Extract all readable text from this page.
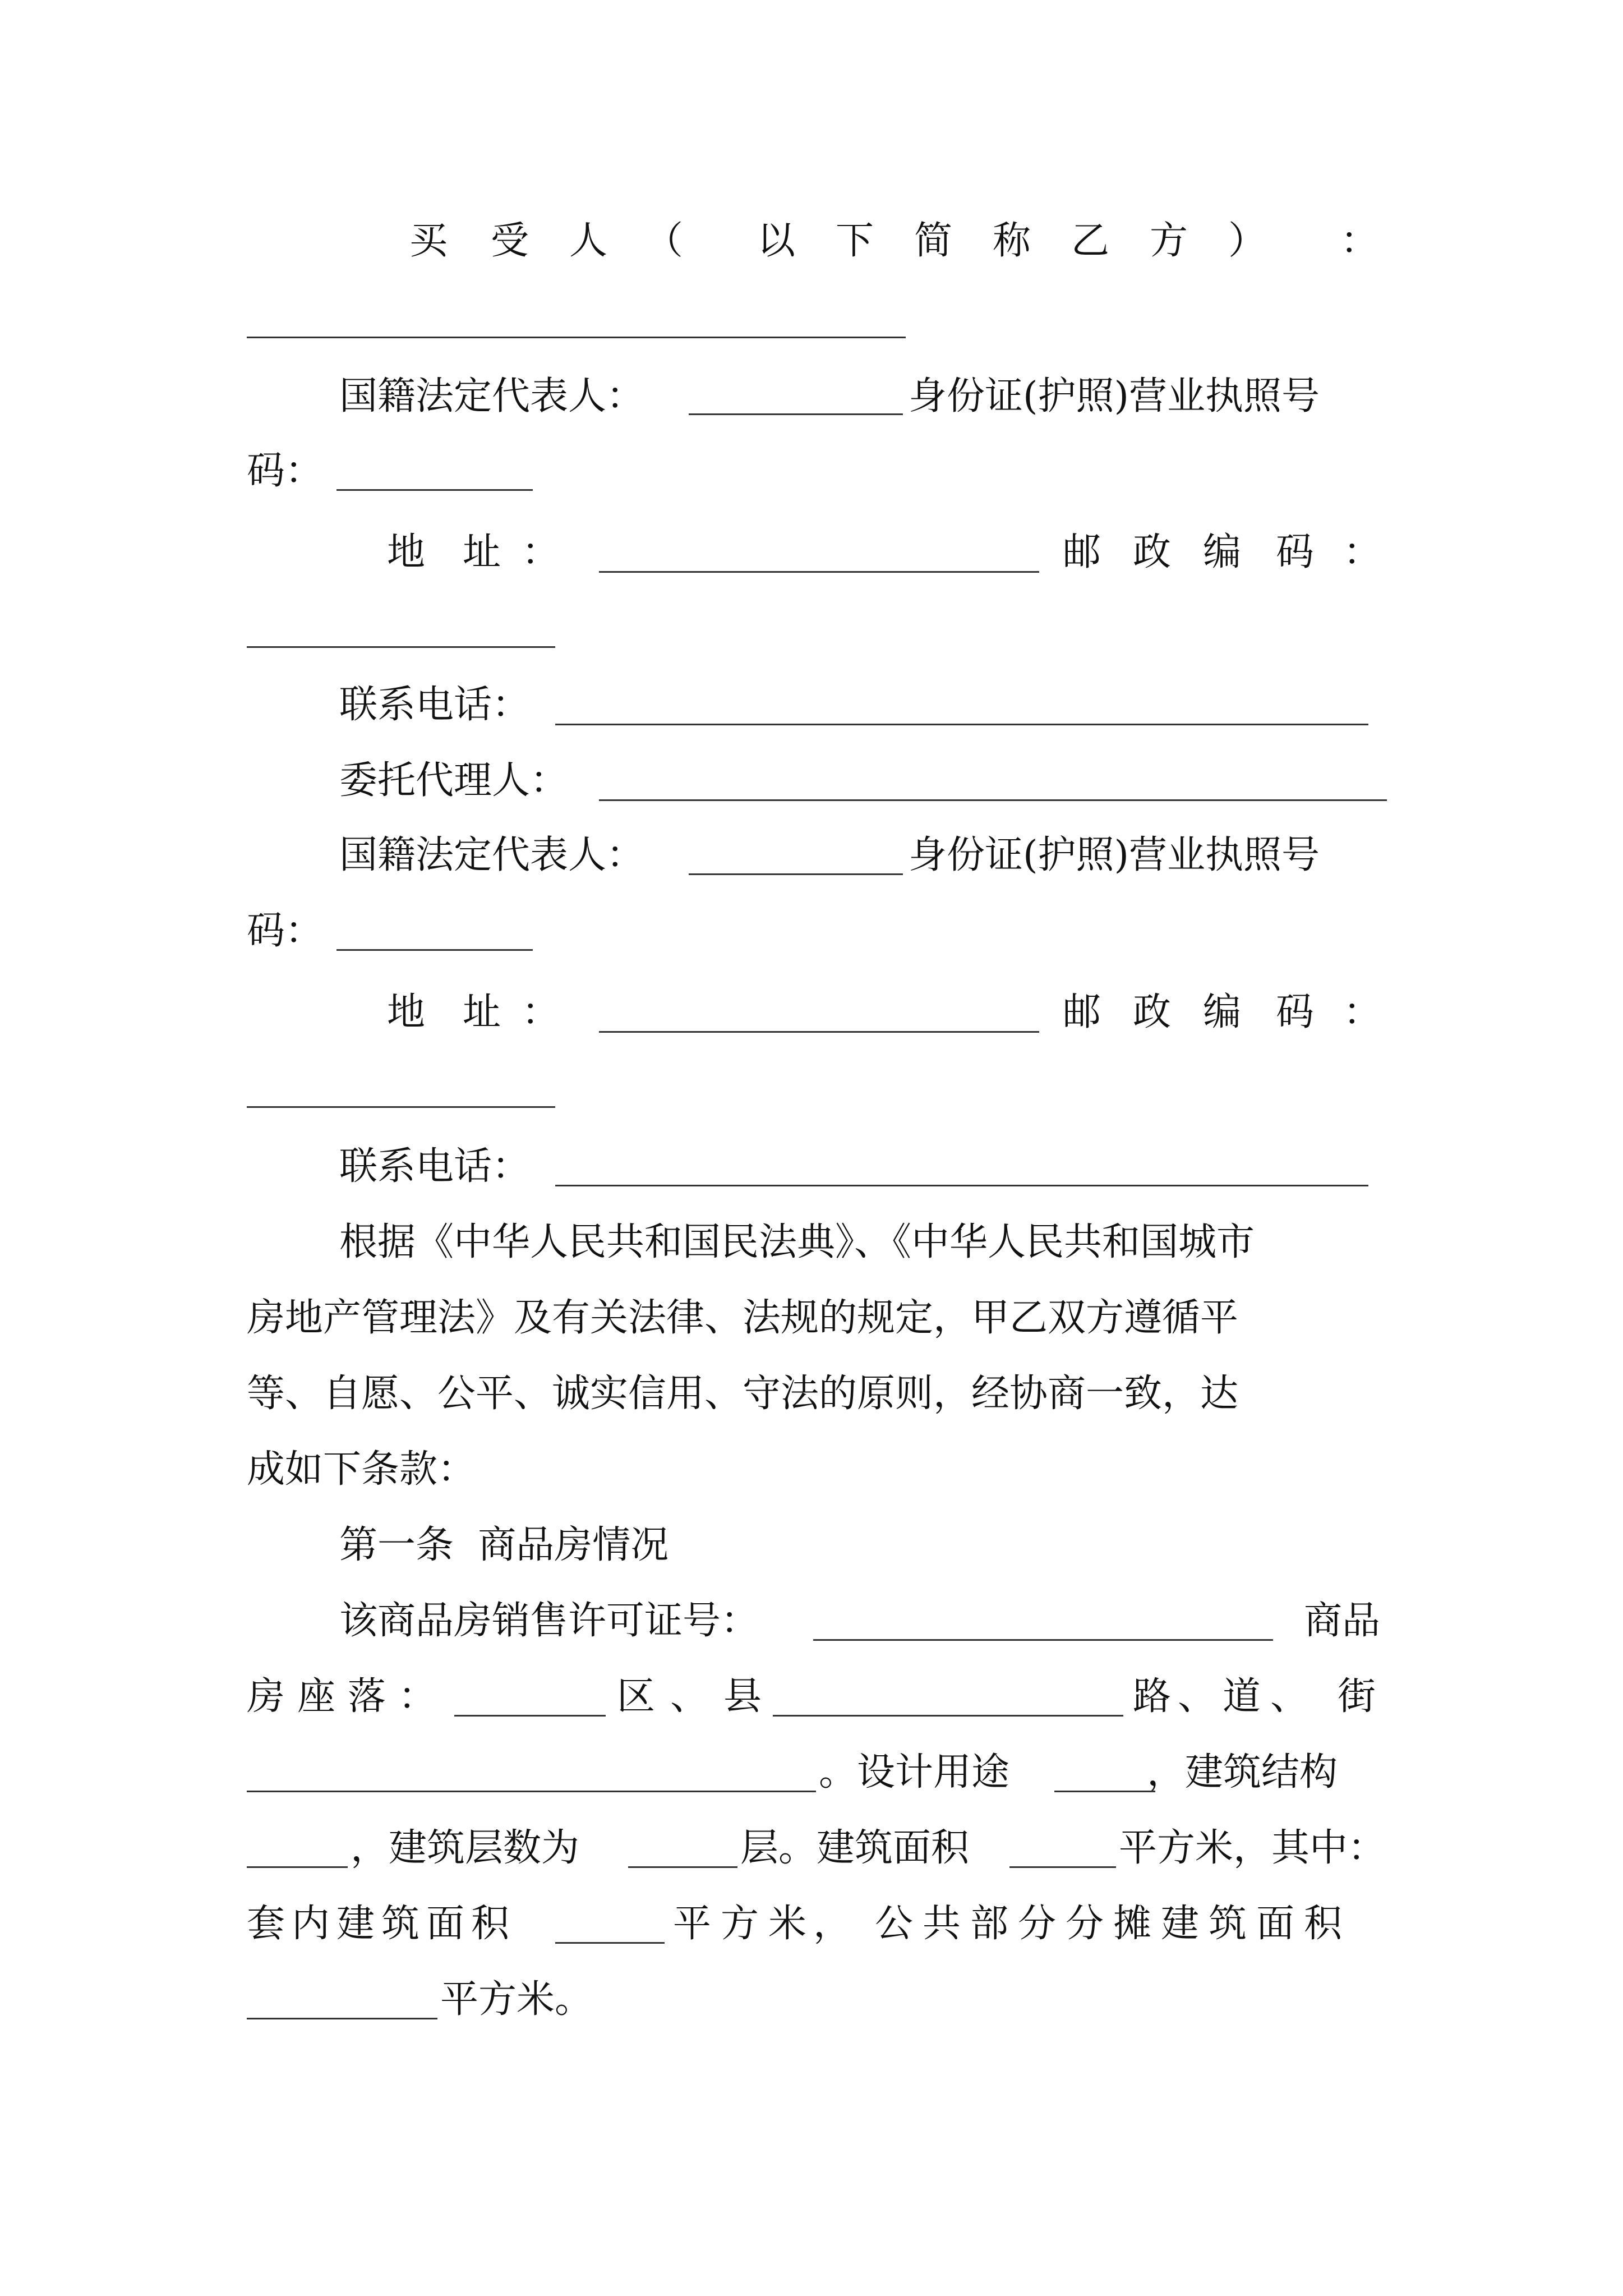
买 受 人 （ 以 下 简 称 乙 方 ） ：
国籍法定代表人：	身份证(护照)营业执照号
码：
地 址 ：	邮 政 编 码 ：
联系电话：
委托代理人：
国籍法定代表人：	身份证(护照)营业执照号
码：
地 址 ：	邮 政 编 码 ：
联系电话：
根据《中华人民共和国民法典》、《中华人民共和国城市
房地产管理法》及有关法律、法规的规定，甲乙双方遵循平
等、自愿、公平、诚实信用、守法的原则，经协商一致，达
成如下条款：
第一条  商品房情况
该商品房销售许可证号：	商品
房 座 落 ：	区 、 县	路 、 道 、 街
。设计用途	，建筑结构
，建筑层数为	层。建筑面积	平方米，其中：
套 内 建 筑 面 积	平 方 米 ， 公 共 部 分 分 摊 建 筑 面 积
平方米。
